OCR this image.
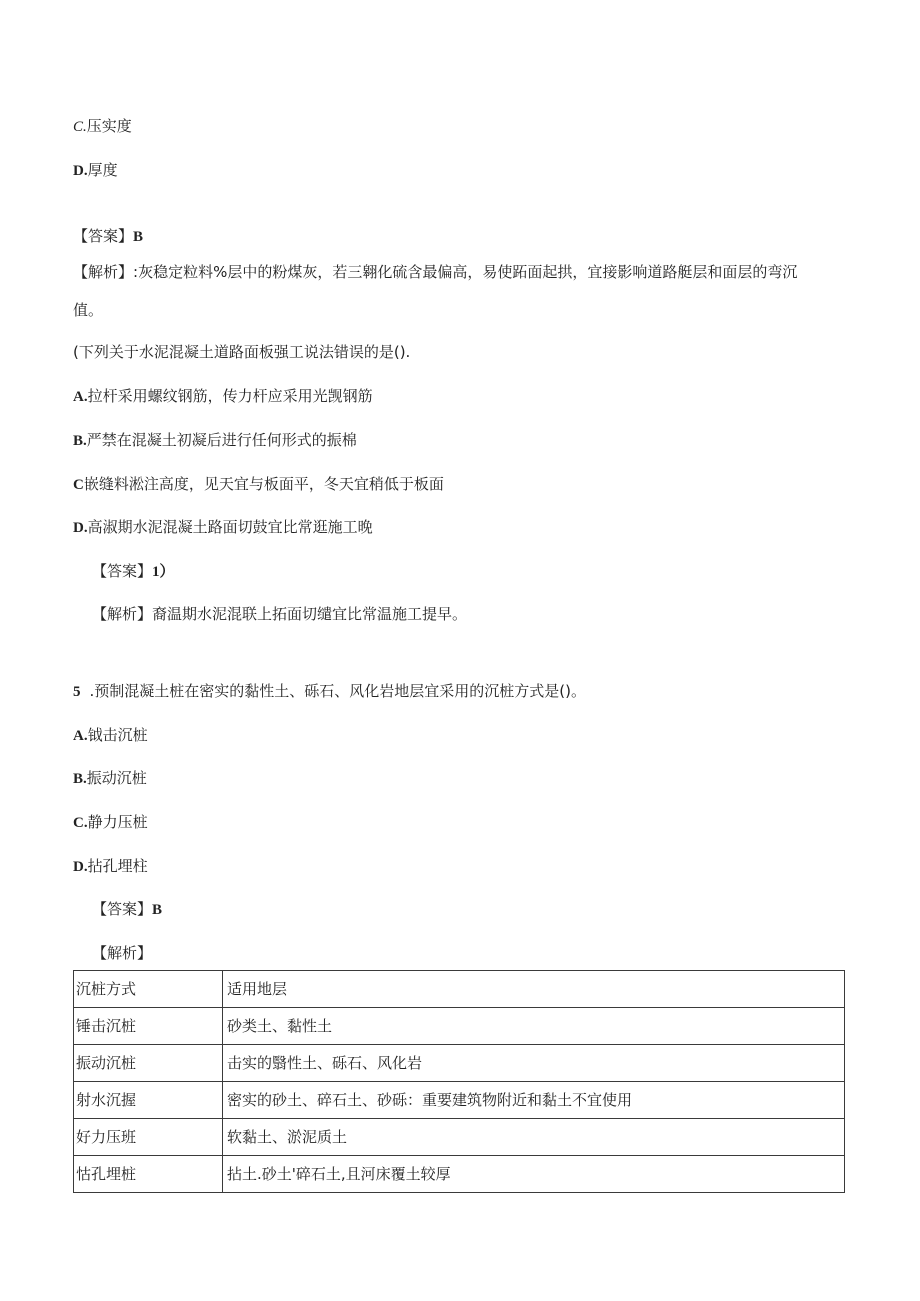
C.压实度
D.厚度
【答案】B
【解析】:灰稳定粒料%层中的粉煤灰，若三翱化硫含最偏高，易使跖面起拱，宜接影响道路艇层和面层的弯沉
值。
(下列关于水泥混凝土道路面板强工说法错误的是().
A.拉杆采用螺纹钢筋，传力杆应采用光觊钢筋
B.严禁在混凝土初凝后进行任何形式的振棉
C嵌缝料淞注高度，见天宜与板面平，冬天宜稍低于板面
D.高淑期水泥混凝土路面切鼓宜比常逛施工晚
【答案】1）
【解析】裔温期水泥混联上拓面切缱宜比常温施工提早。
5 .预制混凝土桩在密实的黏性土、砾石、风化岩地层宜采用的沉桩方式是()。
A.钺击沉桩
B.振动沉桩
C.静力压桩
D.拈孔埋柱
【答案】B
【解析】
沉桩方式	适用地层
锤击沉桩	砂类土、黏性土
振动沉桩	击实的翳性土、砾石、风化岩
射水沉握	密实的砂土、碎石土、砂砾：重要建筑物附近和黏土不宜使用
好力压班	软黏土、淤泥质土
怙孔埋桩	拈土.砂土'碎石土,且河床覆土较厚
